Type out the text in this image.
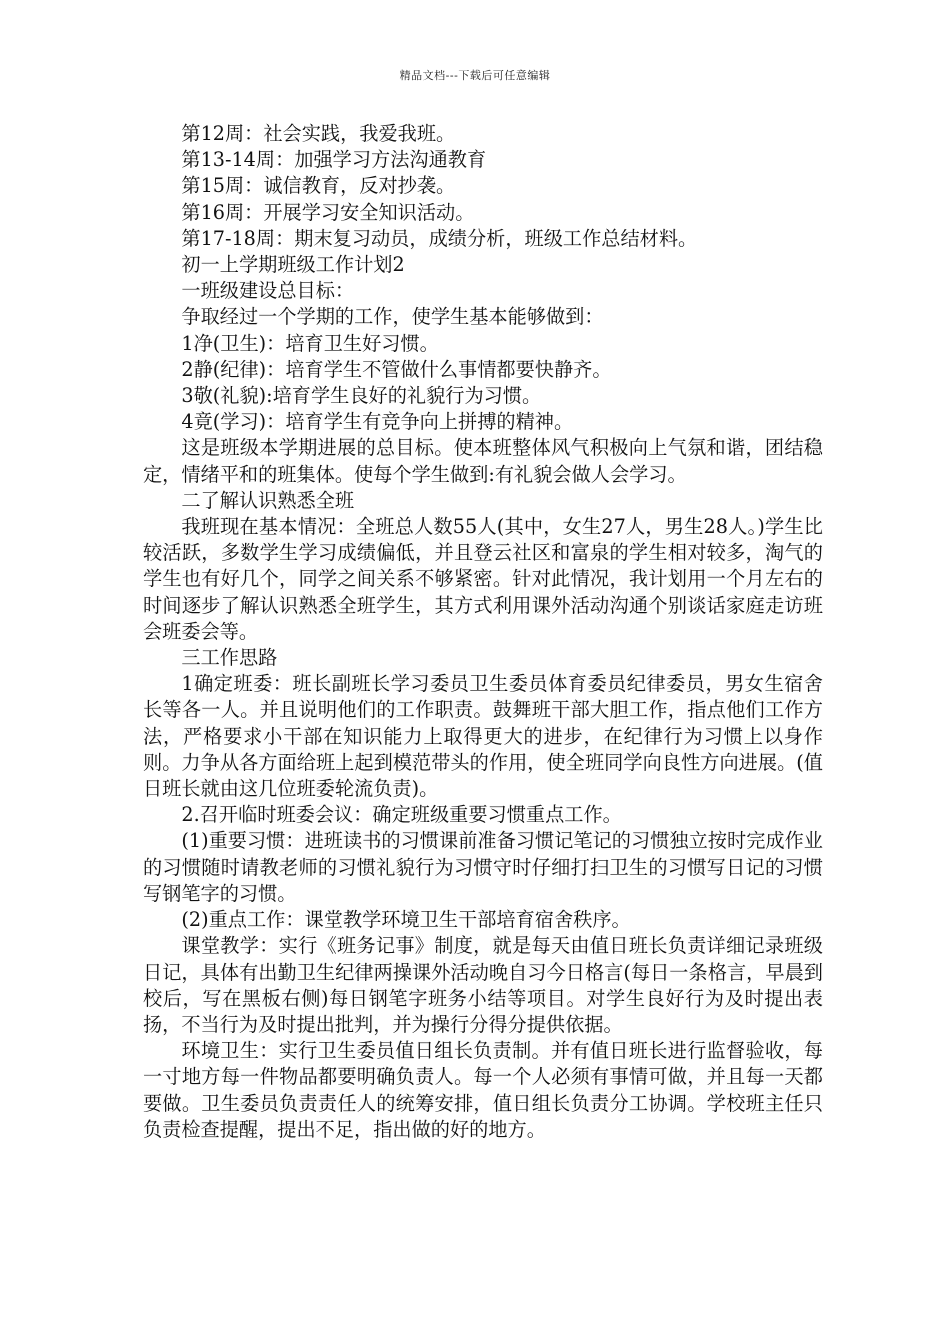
精品文档---下载后可任意编辑

第12周：社会实践，我爱我班。

第13-14周：加强学习方法沟通教育

第15周：诚信教育，反对抄袭。

第16周：开展学习安全知识活动。

第17-18周：期末复习动员，成绩分析，班级工作总结材料。

初一上学期班级工作计划2

一班级建设总目标：

争取经过一个学期的工作，使学生基本能够做到：

1净(卫生)：培育卫生好习惯。

2静(纪律)：培育学生不管做什么事情都要快静齐。

3敬(礼貌):培育学生良好的礼貌行为习惯。

4竟(学习)：培育学生有竞争向上拼搏的精神。

这是班级本学期进展的总目标。使本班整体风气积极向上气氛和谐，团结稳定，情绪平和的班集体。使每个学生做到:有礼貌会做人会学习。

二了解认识熟悉全班

我班现在基本情况：全班总人数55人(其中，女生27人，男生28人。)学生比较活跃，多数学生学习成绩偏低，并且登云社区和富泉的学生相对较多，淘气的学生也有好几个，同学之间关系不够紧密。针对此情况，我计划用一个月左右的时间逐步了解认识熟悉全班学生，其方式利用课外活动沟通个别谈话家庭走访班会班委会等。

三工作思路

1确定班委：班长副班长学习委员卫生委员体育委员纪律委员，男女生宿舍长等各一人。并且说明他们的工作职责。鼓舞班干部大胆工作，指点他们工作方法，严格要求小干部在知识能力上取得更大的进步，在纪律行为习惯上以身作则。力争从各方面给班上起到模范带头的作用，使全班同学向良性方向进展。(值日班长就由这几位班委轮流负责)。

2.召开临时班委会议：确定班级重要习惯重点工作。

(1)重要习惯：进班读书的习惯课前准备习惯记笔记的习惯独立按时完成作业的习惯随时请教老师的习惯礼貌行为习惯守时仔细打扫卫生的习惯写日记的习惯写钢笔字的习惯。

(2)重点工作：课堂教学环境卫生干部培育宿舍秩序。

课堂教学：实行《班务记事》制度，就是每天由值日班长负责详细记录班级日记，具体有出勤卫生纪律两操课外活动晚自习今日格言(每日一条格言，早晨到校后，写在黑板右侧)每日钢笔字班务小结等项目。对学生良好行为及时提出表扬，不当行为及时提出批判，并为操行分得分提供依据。

环境卫生：实行卫生委员值日组长负责制。并有值日班长进行监督验收，每一寸地方每一件物品都要明确负责人。每一个人必须有事情可做，并且每一天都要做。卫生委员负责责任人的统筹安排，值日组长负责分工协调。学校班主任只负责检查提醒，提出不足，指出做的好的地方。
